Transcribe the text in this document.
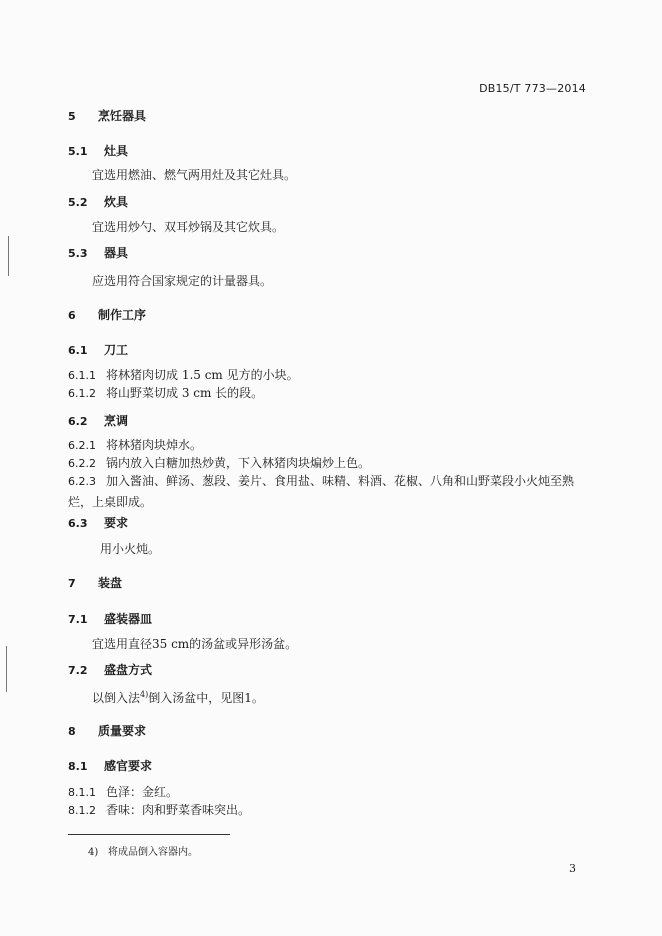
DB15/T 773—2014
5 烹饪器具
5.1 灶具
宜选用燃油、燃气两用灶及其它灶具。
5.2 炊具
宜选用炒勺、双耳炒锅及其它炊具。
5.3 器具
应选用符合国家规定的计量器具。
6 制作工序
6.1 刀工
6.1.1 将林猪肉切成 1.5 cm 见方的小块。
6.1.2 将山野菜切成 3 cm 长的段。
6.2 烹调
6.2.1 将林猪肉块焯水。
6.2.2 锅内放入白糖加热炒黄，下入林猪肉块煸炒上色。
6.2.3 加入酱油、鲜汤、葱段、姜片、食用盐、味精、料酒、花椒、八角和山野菜段小火炖至熟烂，上桌即成。
6.3 要求
用小火炖。
7 装盘
7.1 盛装器皿
宜选用直径35 cm的汤盆或异形汤盆。
7.2 盛盘方式
以倒入法$^{4)}$倒入汤盆中，见图1。
8 质量要求
8.1 感官要求
8.1.1 色泽：金红。
8.1.2 香味：肉和野菜香味突出。
4) 将成品倒入容器内。
3
